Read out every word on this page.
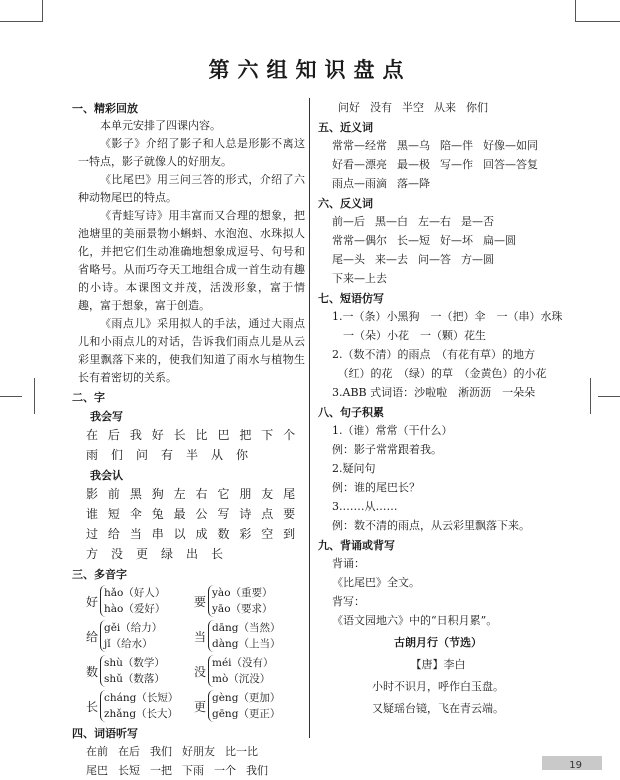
第六组知识盘点
一、精彩回放

本单元安排了四课内容。

《影子》介绍了影子和人总是形影不离这一特点，影子就像人的好朋友。

《比尾巴》用三问三答的形式，介绍了六种动物尾巴的特点。

《青蛙写诗》用丰富而又合理的想象，把池塘里的美丽景物小蝌蚪、水泡泡、水珠拟人化，并把它们生动准确地想象成逗号、句号和省略号。从而巧夺天工地组合成一首生动有趣的小诗。本课图文并茂，活泼形象，富于情趣，富于想象，富于创造。

《雨点儿》采用拟人的手法，通过大雨点儿和小雨点儿的对话，告诉我们雨点儿是从云彩里飘落下来的，使我们知道了雨水与植物生长有着密切的关系。

二、字
我会写
在 后 我 好 长 比 巴 把 下 个
雨	们	问	有	半	从	你
我会认
影 前 黑 狗 左 右 它 朋 友 尾
谁 短 伞 兔 最 公 写 诗 点 要
过 给 当 串 以 成 数 彩 空 到
方	没	更	绿	出	长
三、多音字
好
hǎo（好人）
hào（爱好）
要
yào（重要）
yāo（要求）
给
gěi（给力）
jǐ（给水）
当
dāng（当然）
dàng（上当）
数
shù（数学）
shǔ（数落）
没
méi（没有）
mò（沉没）
长
cháng（长短）
zhǎng（长大）
更
gèng（更加）
gēng（更正）
四、词语听写
在前 在后 我们 好朋友 比一比
尾巴 长短 一把 下雨 一个 我们
问好 没有 半空 从来 你们
五、近义词
常常—经常 黑—乌 陪—伴 好像—如同
好看—漂亮 最—极 写—作 回答—答复
雨点—雨滴 落—降
六、反义词
前—后 黑—白 左—右 是—否
常常—偶尔 长—短 好—坏 扁—圆
尾—头 来—去 问—答 方—圆
下来—上去
七、短语仿写

1.一（条）小黑狗　一（把）伞　一（串）水珠

　一（朵）小花　一（颗）花生

2.（数不清）的雨点　（有花有草）的地方

　（红）的花　（绿）的草　（金黄色）的小花

3.ABB 式词语：沙啦啦　淅沥沥　一朵朵

八、句子积累

1.（谁）常常（干什么）

例：影子常常跟着我。

2.疑问句

例：谁的尾巴长？

3.……从……

例：数不清的雨点，从云彩里飘落下来。

九、背诵或背写

背诵：

《比尾巴》全文。

背写：

《语文园地六》中的“日积月累”。

古朗月行（节选）
【唐】李白
小时不识月，呼作白玉盘。
又疑瑶台镜，飞在青云端。
19
